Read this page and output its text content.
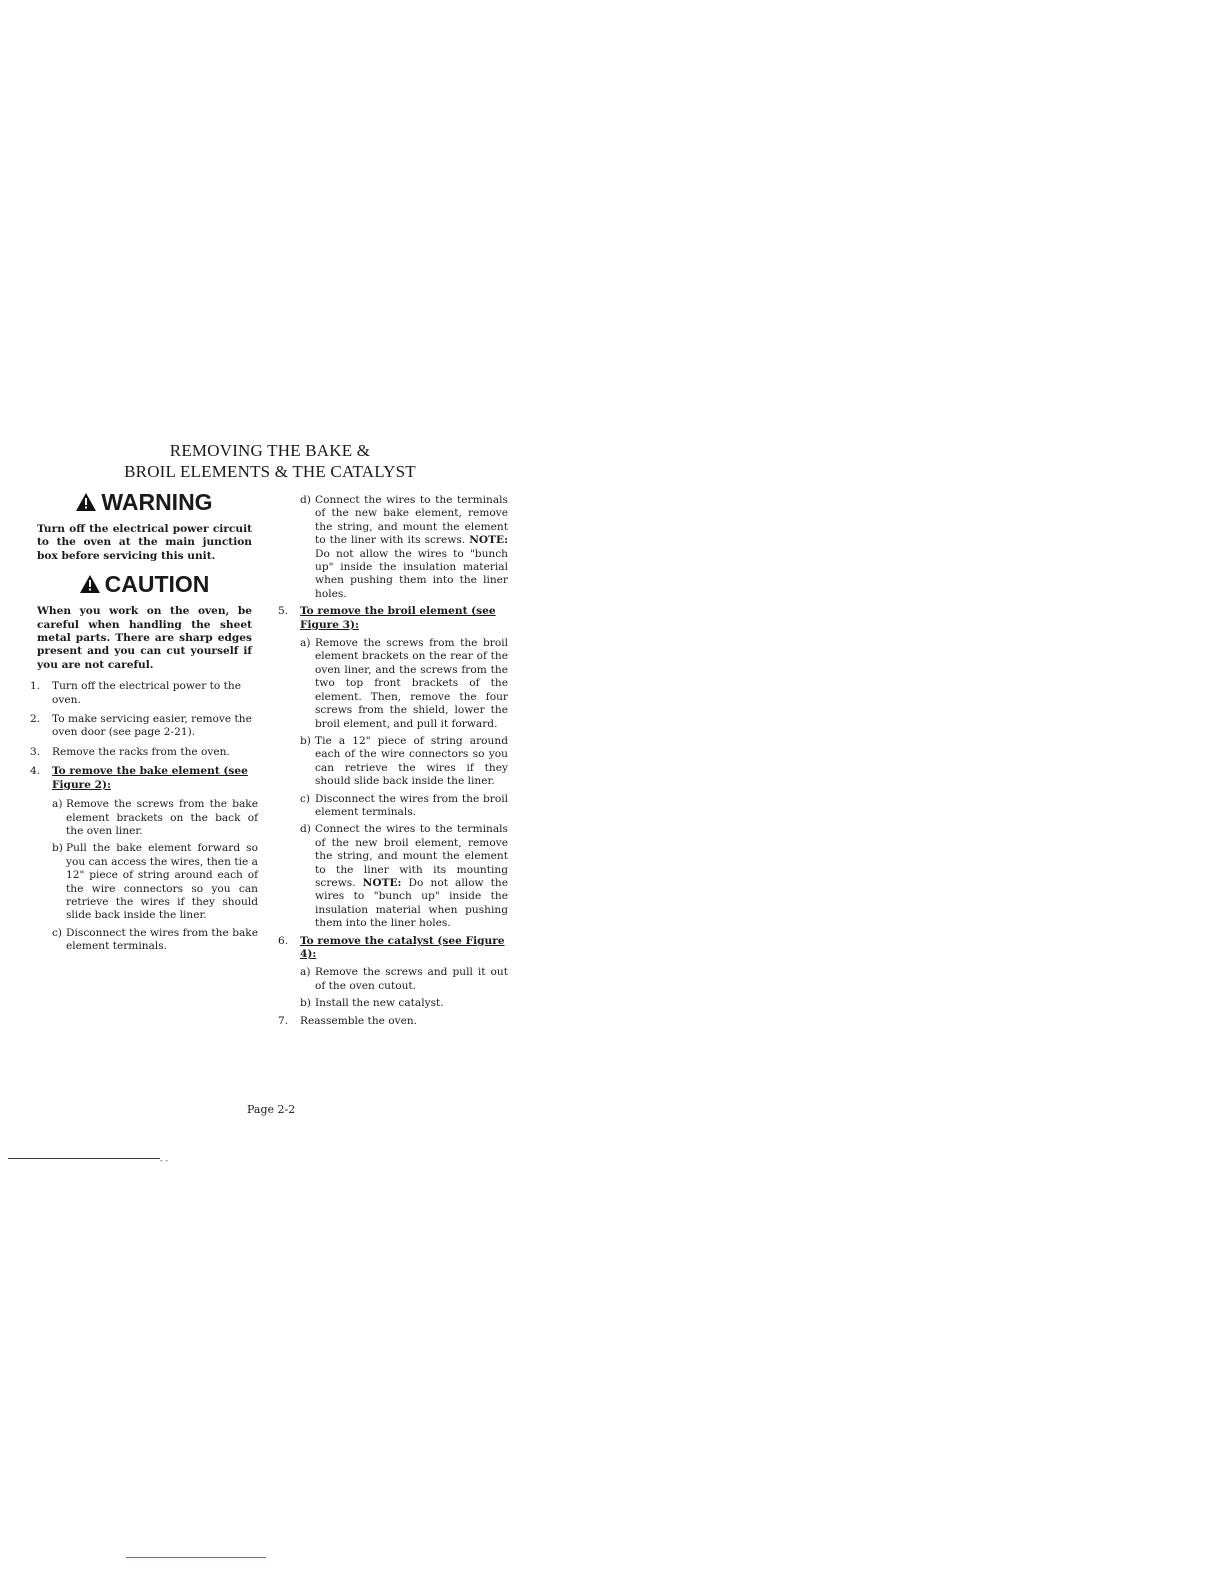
REMOVING THE BAKE &
BROIL ELEMENTS & THE CATALYST
WARNING

Turn off the electrical power circuit to the oven at the main junction box before servicing this unit.

CAUTION

When you work on the oven, be careful when handling the sheet metal parts. There are sharp edges present and you can cut yourself if you are not careful.

1. Turn off the electrical power to the oven.
2. To make servicing easier, remove the oven door (see page 2-21).
3. Remove the racks from the oven.
4. To remove the bake element (see Figure 2):
a) Remove the screws from the bake element brackets on the back of the oven liner.
b) Pull the bake element forward so you can access the wires, then tie a 12" piece of string around each of the wire connectors so you can retrieve the wires if they should slide back inside the liner.
c) Disconnect the wires from the bake element terminals.
d) Connect the wires to the terminals of the new bake element, remove the string, and mount the element to the liner with its screws. NOTE: Do not allow the wires to "bunch up" inside the insulation material when pushing them into the liner holes.
5. To remove the broil element (see Figure 3):
a) Remove the screws from the broil element brackets on the rear of the oven liner, and the screws from the two top front brackets of the element. Then, remove the four screws from the shield, lower the broil element, and pull it forward.
b) Tie a 12" piece of string around each of the wire connectors so you can retrieve the wires if they should slide back inside the liner.
c) Disconnect the wires from the broil element terminals.
d) Connect the wires to the terminals of the new broil element, remove the string, and mount the element to the liner with its mounting screws. NOTE: Do not allow the wires to "bunch up" inside the insulation material when pushing them into the liner holes.
6. To remove the catalyst (see Figure 4):
a) Remove the screws and pull it out of the oven cutout.
b) Install the new catalyst.
7. Reassemble the oven.
Page 2-2
- -
